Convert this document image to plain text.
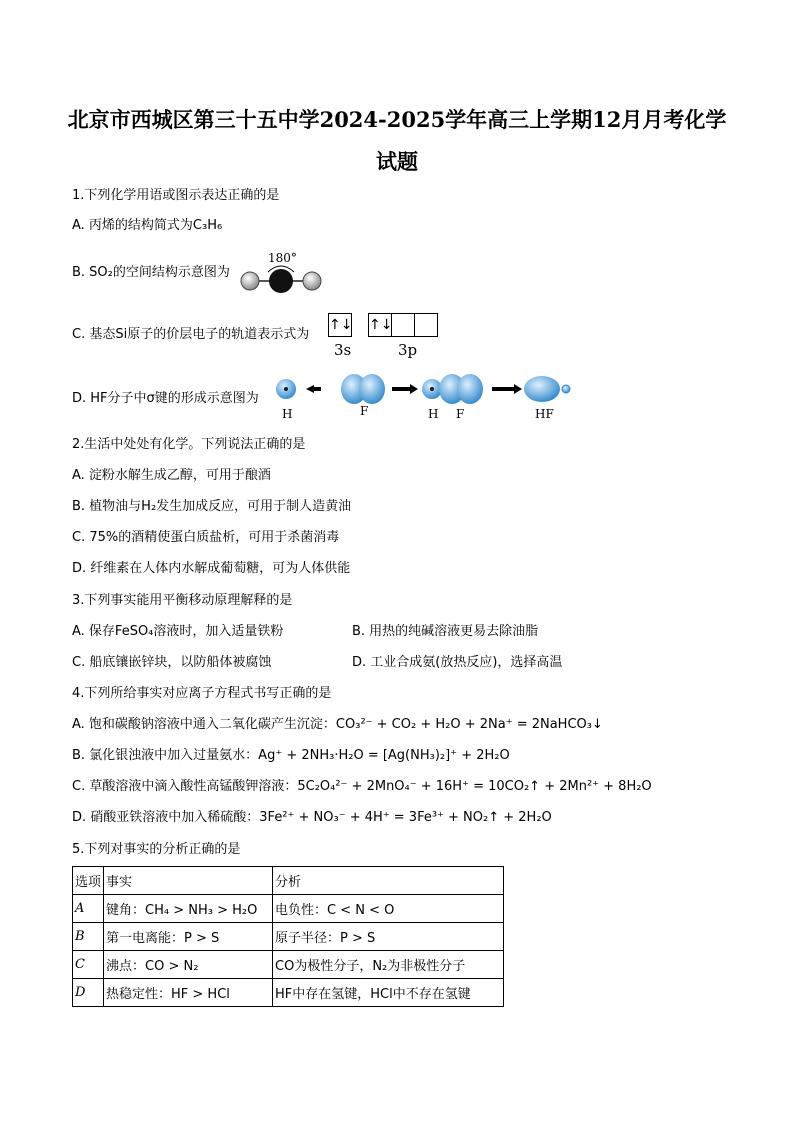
北京市西城区第三十五中学2024-2025学年高三上学期12月月考化学
试题
1.下列化学用语或图示表达正确的是
A. 丙烯的结构简式为C₃H₆
B. SO₂的空间结构示意图为
180°
C. 基态Si原子的价层电子的轨道表示式为
↑↓ ↑↓
3s	3p
D. HF分子中σ键的形成示意图为
H	F	H F	HF
2.生活中处处有化学。下列说法正确的是
A. 淀粉水解生成乙醇，可用于酿酒
B. 植物油与H₂发生加成反应，可用于制人造黄油
C. 75%的酒精使蛋白质盐析，可用于杀菌消毒
D. 纤维素在人体内水解成葡萄糖，可为人体供能
3.下列事实能用平衡移动原理解释的是
A. 保存FeSO₄溶液时，加入适量铁粉	B. 用热的纯碱溶液更易去除油脂
C. 船底镶嵌锌块，以防船体被腐蚀	D. 工业合成氨(放热反应)，选择高温
4.下列所给事实对应离子方程式书写正确的是
A. 饱和碳酸钠溶液中通入二氧化碳产生沉淀：CO₃²⁻ + CO₂ + H₂O + 2Na⁺ = 2NaHCO₃↓
B. 氯化银浊液中加入过量氨水：Ag⁺ + 2NH₃·H₂O = [Ag(NH₃)₂]⁺ + 2H₂O
C. 草酸溶液中滴入酸性高锰酸钾溶液：5C₂O₄²⁻ + 2MnO₄⁻ + 16H⁺ = 10CO₂↑ + 2Mn²⁺ + 8H₂O
D. 硝酸亚铁溶液中加入稀硫酸：3Fe²⁺ + NO₃⁻ + 4H⁺ = 3Fe³⁺ + NO₂↑ + 2H₂O
5.下列对事实的分析正确的是
选项	事实	分析
A	键角：CH₄ > NH₃ > H₂O	电负性：C < N < O
B	第一电离能：P > S	原子半径：P > S
C	沸点：CO > N₂	CO为极性分子，N₂为非极性分子
D	热稳定性：HF > HCl	HF中存在氢键，HCl中不存在氢键
